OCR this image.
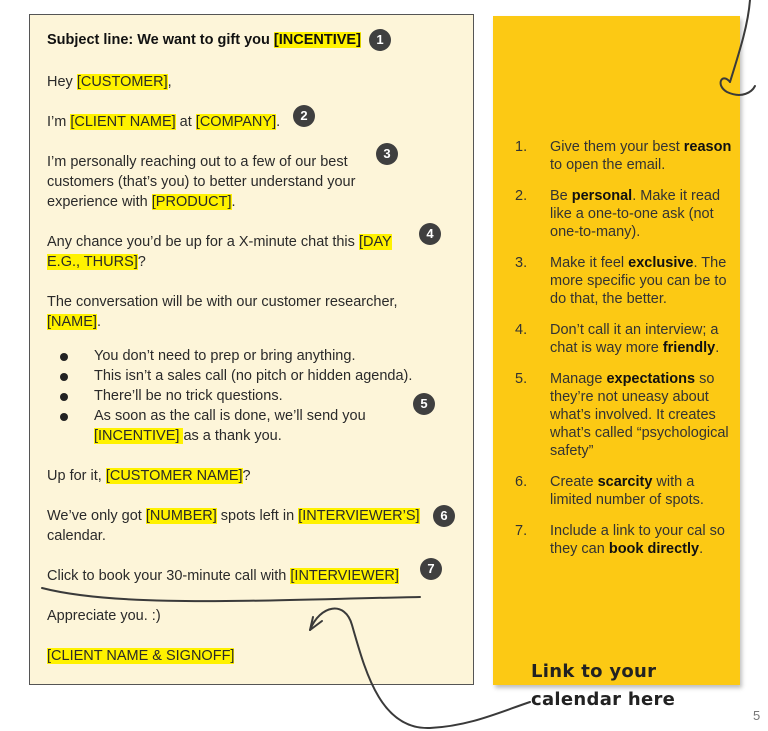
Subject line: We want to gift you [INCENTIVE]	1
Hey [CUSTOMER],
I’m [CLIENT NAME] at [COMPANY].	2
I’m personally reaching out to a few of our best
customers (that’s you) to better understand your
experience with [PRODUCT].
3
Any chance you’d be up for a X-minute chat this [DAY
E.G., THURS]?
4
The conversation will be with our customer researcher,
[NAME].
You don’t need to prep or bring anything.
This isn’t a sales call (no pitch or hidden agenda).
There’ll be no trick questions.
As soon as the call is done, we’ll send you
[INCENTIVE] as a thank you.
5
Up for it, [CUSTOMER NAME]?
We’ve only got [NUMBER] spots left in [INTERVIEWER’S]
calendar.
6
Click to book your 30-minute call with [INTERVIEWER]	7
Appreciate you. :)
[CLIENT NAME & SIGNOFF]
1. Give them your best reason to open the email.
2. Be personal. Make it read like a one-to-one ask (not one-to-many).
3. Make it feel exclusive. The more specific you can be to do that, the better.
4. Don’t call it an interview; a chat is way more friendly.
5. Manage expectations so they’re not uneasy about what’s involved. It creates what’s called “psychological safety”
6. Create scarcity with a limited number of spots.
7. Include a link to your cal so they can book directly.
Link to your
calendar here
5
